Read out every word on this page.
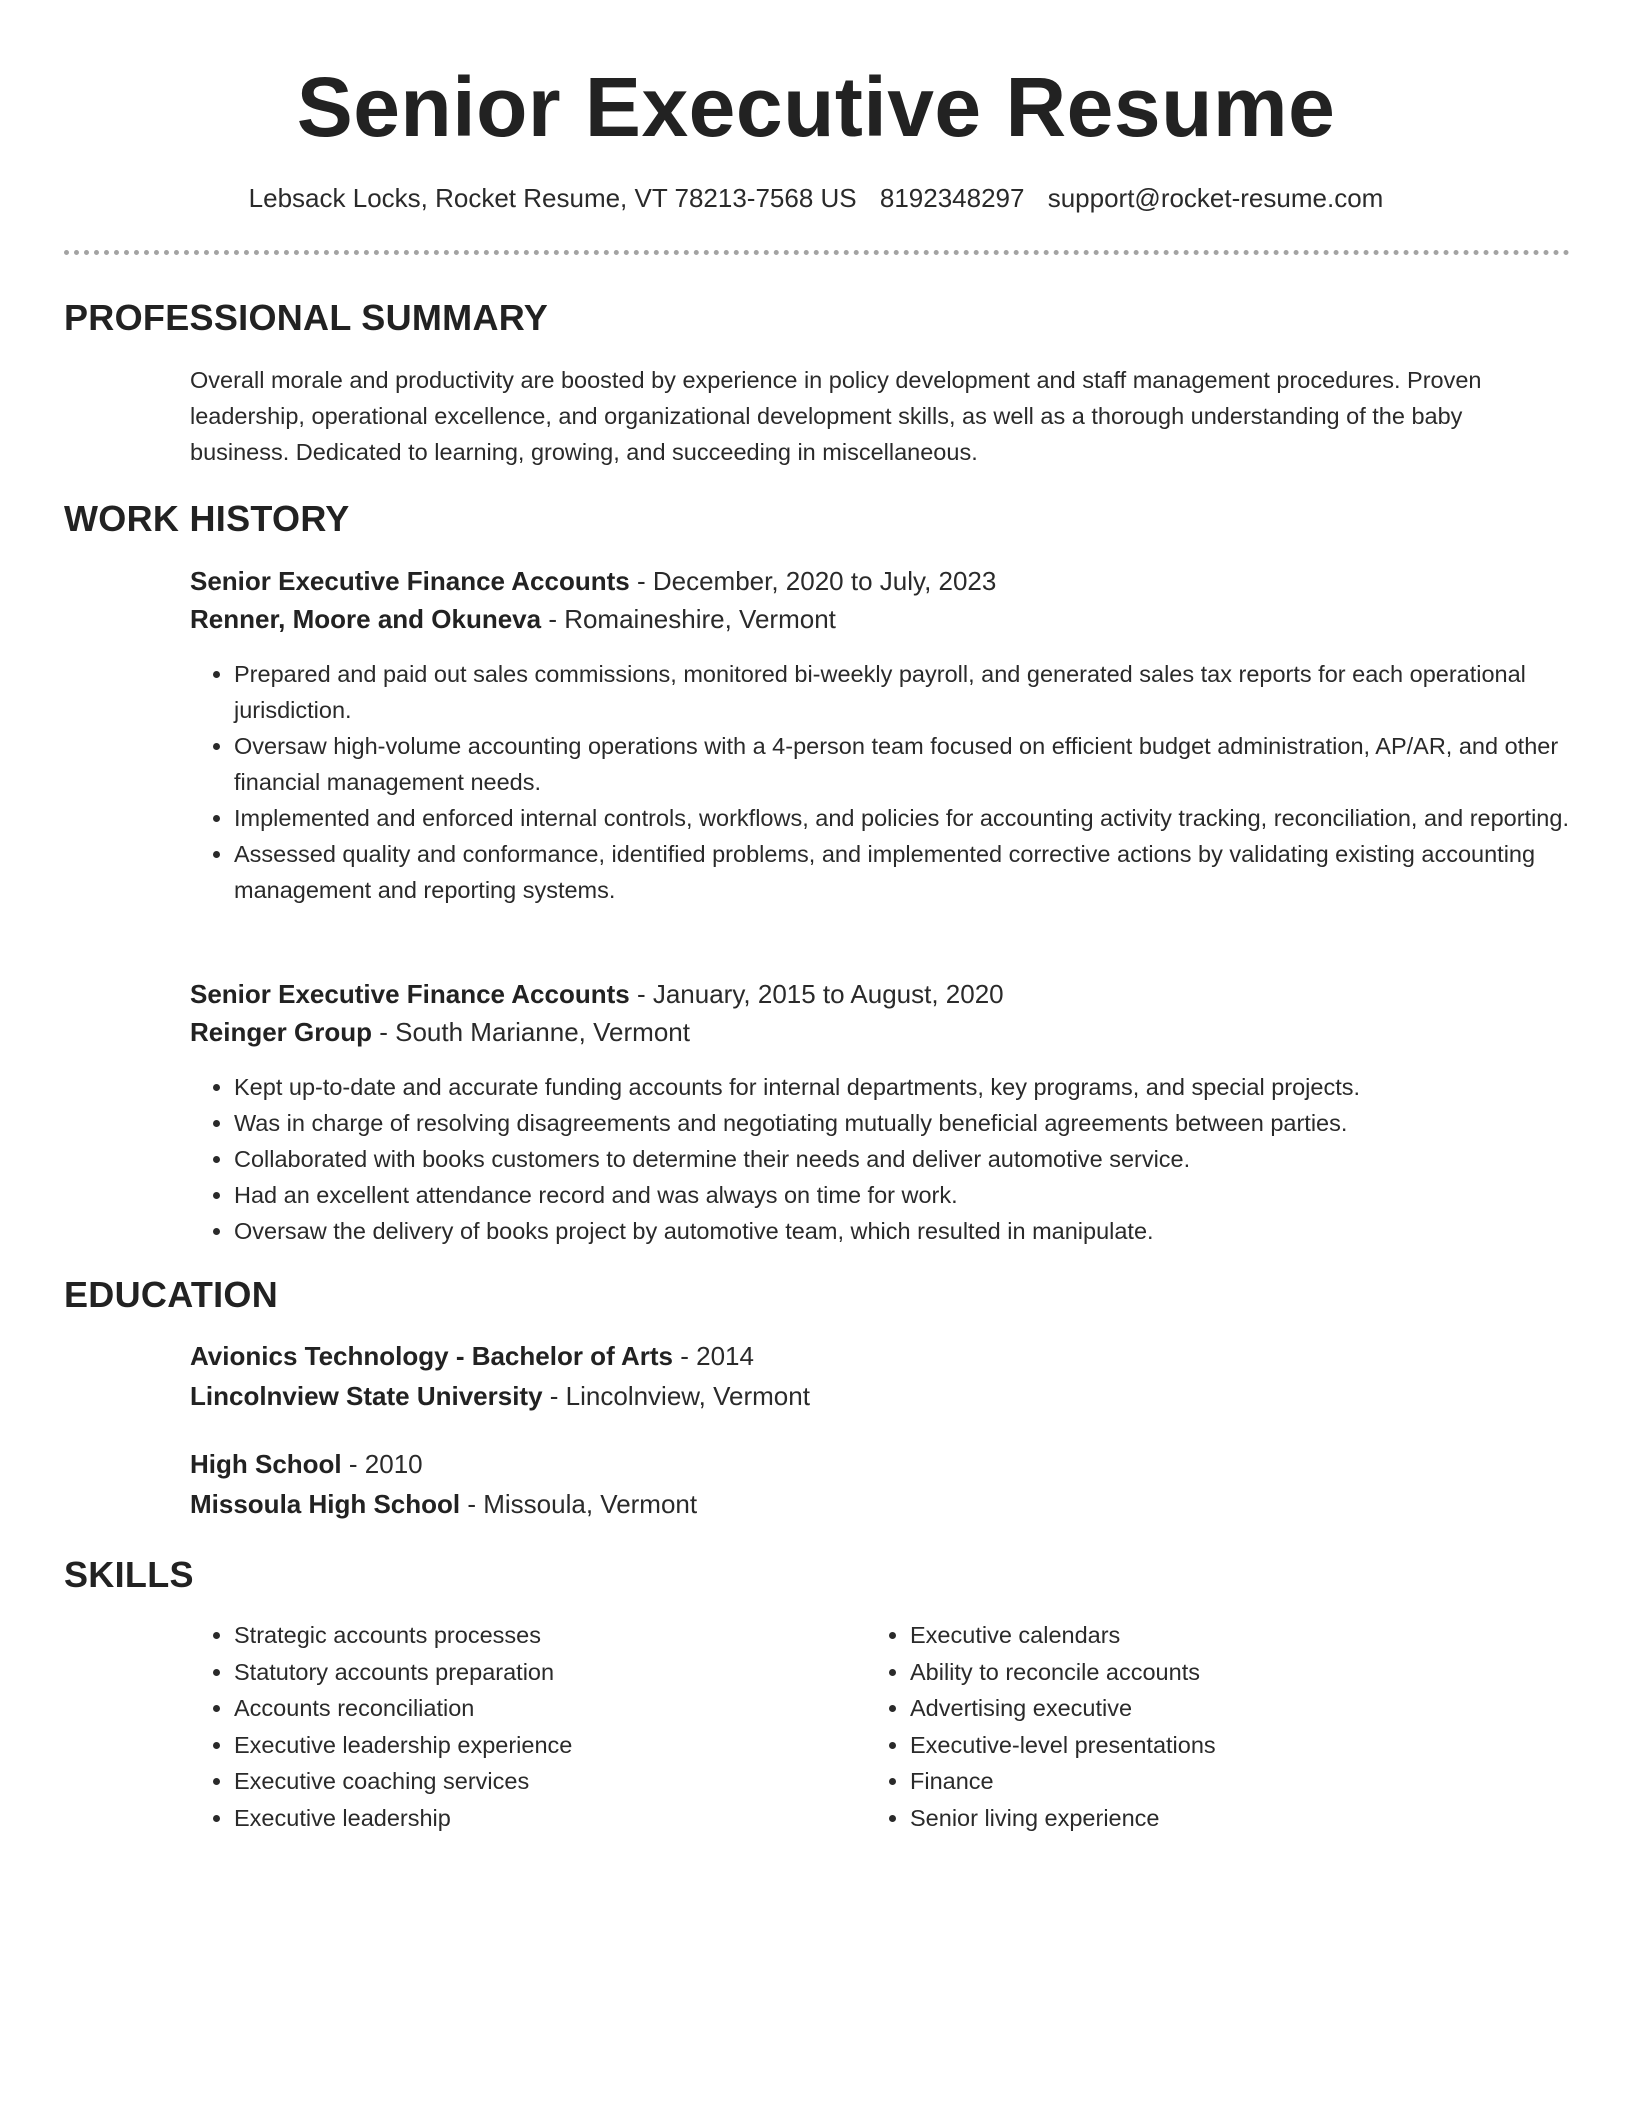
Senior Executive Resume
Lebsack Locks, Rocket Resume, VT 78213-7568 US 8192348297 support@rocket-resume.com
PROFESSIONAL SUMMARY

Overall morale and productivity are boosted by experience in policy development and staff management procedures. Proven leadership, operational excellence, and organizational development skills, as well as a thorough understanding of the baby business. Dedicated to learning, growing, and succeeding in miscellaneous.

WORK HISTORY
Senior Executive Finance Accounts - December, 2020 to July, 2023
Renner, Moore and Okuneva - Romaineshire, Vermont
• Prepared and paid out sales commissions, monitored bi-weekly payroll, and generated sales tax reports for each operational jurisdiction.
• Oversaw high-volume accounting operations with a 4-person team focused on efficient budget administration, AP/AR, and other financial management needs.
• Implemented and enforced internal controls, workflows, and policies for accounting activity tracking, reconciliation, and reporting.
• Assessed quality and conformance, identified problems, and implemented corrective actions by validating existing accounting management and reporting systems.
Senior Executive Finance Accounts - January, 2015 to August, 2020
Reinger Group - South Marianne, Vermont
• Kept up-to-date and accurate funding accounts for internal departments, key programs, and special projects.
• Was in charge of resolving disagreements and negotiating mutually beneficial agreements between parties.
• Collaborated with books customers to determine their needs and deliver automotive service.
• Had an excellent attendance record and was always on time for work.
• Oversaw the delivery of books project by automotive team, which resulted in manipulate.
EDUCATION
Avionics Technology - Bachelor of Arts - 2014
Lincolnview State University - Lincolnview, Vermont
High School - 2010
Missoula High School - Missoula, Vermont
SKILLS
• Strategic accounts processes
• Statutory accounts preparation
• Accounts reconciliation
• Executive leadership experience
• Executive coaching services
• Executive leadership
• Executive calendars
• Ability to reconcile accounts
• Advertising executive
• Executive-level presentations
• Finance
• Senior living experience
